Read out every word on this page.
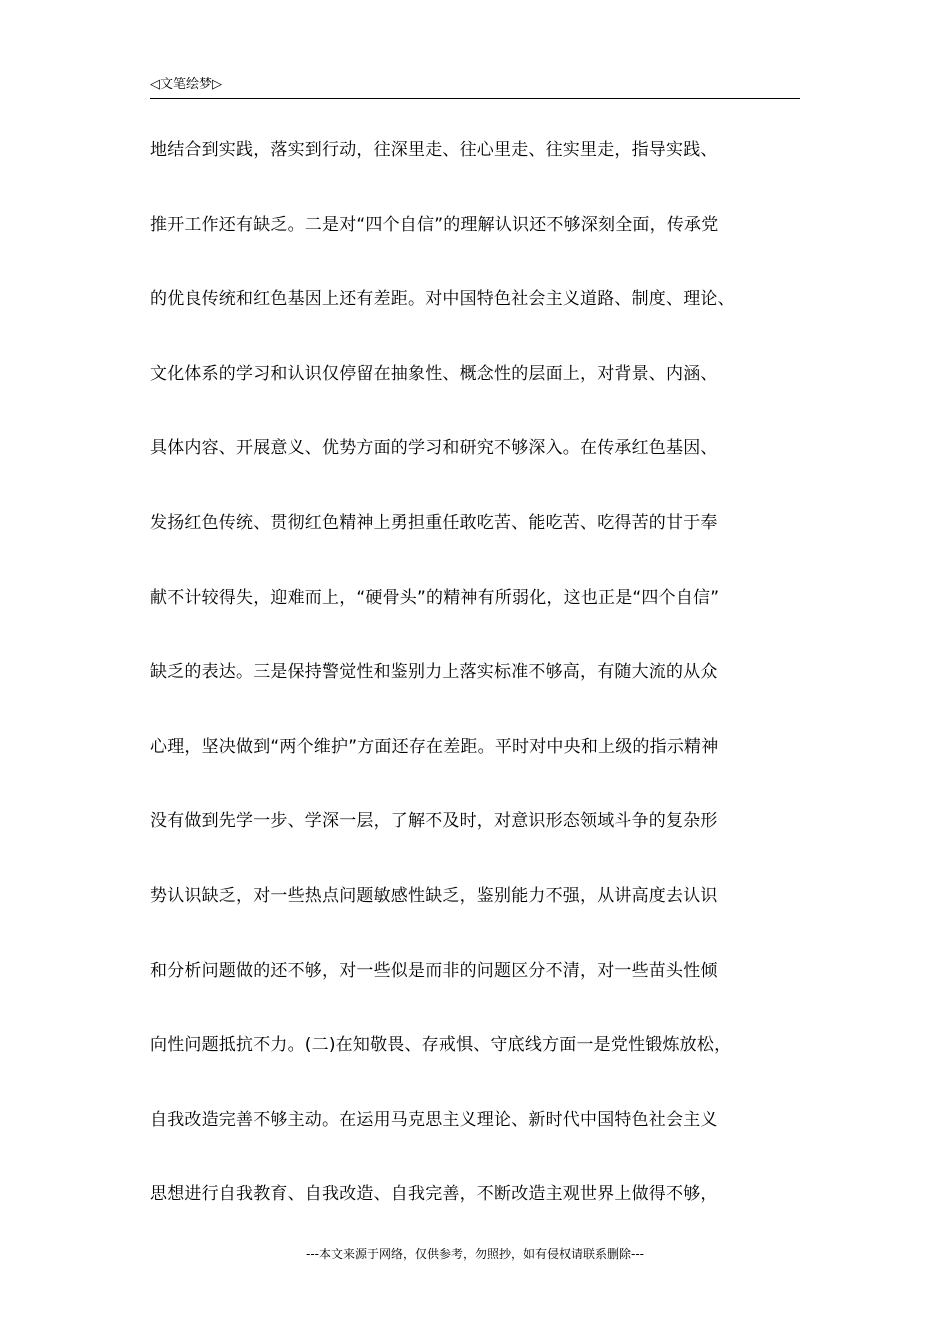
◁文笔绘梦▷
地结合到实践，落实到行动，往深里走、往心里走、往实里走，指导实践、
推开工作还有缺乏。二是对“四个自信”的理解认识还不够深刻全面，传承党
的优良传统和红色基因上还有差距。对中国特色社会主义道路、制度、理论、
文化体系的学习和认识仅停留在抽象性、概念性的层面上，对背景、内涵、
具体内容、开展意义、优势方面的学习和研究不够深入。在传承红色基因、
发扬红色传统、贯彻红色精神上勇担重任敢吃苦、能吃苦、吃得苦的甘于奉
献不计较得失，迎难而上，“硬骨头”的精神有所弱化，这也正是“四个自信”
缺乏的表达。三是保持警觉性和鉴别力上落实标准不够高，有随大流的从众
心理，坚决做到“两个维护”方面还存在差距。平时对中央和上级的指示精神
没有做到先学一步、学深一层，了解不及时，对意识形态领域斗争的复杂形
势认识缺乏，对一些热点问题敏感性缺乏，鉴别能力不强，从讲高度去认识
和分析问题做的还不够，对一些似是而非的问题区分不清，对一些苗头性倾
向性问题抵抗不力。(二)在知敬畏、存戒惧、守底线方面一是党性锻炼放松，
自我改造完善不够主动。在运用马克思主义理论、新时代中国特色社会主义
思想进行自我教育、自我改造、自我完善，不断改造主观世界上做得不够，
---本文来源于网络，仅供参考，勿照抄，如有侵权请联系删除---
